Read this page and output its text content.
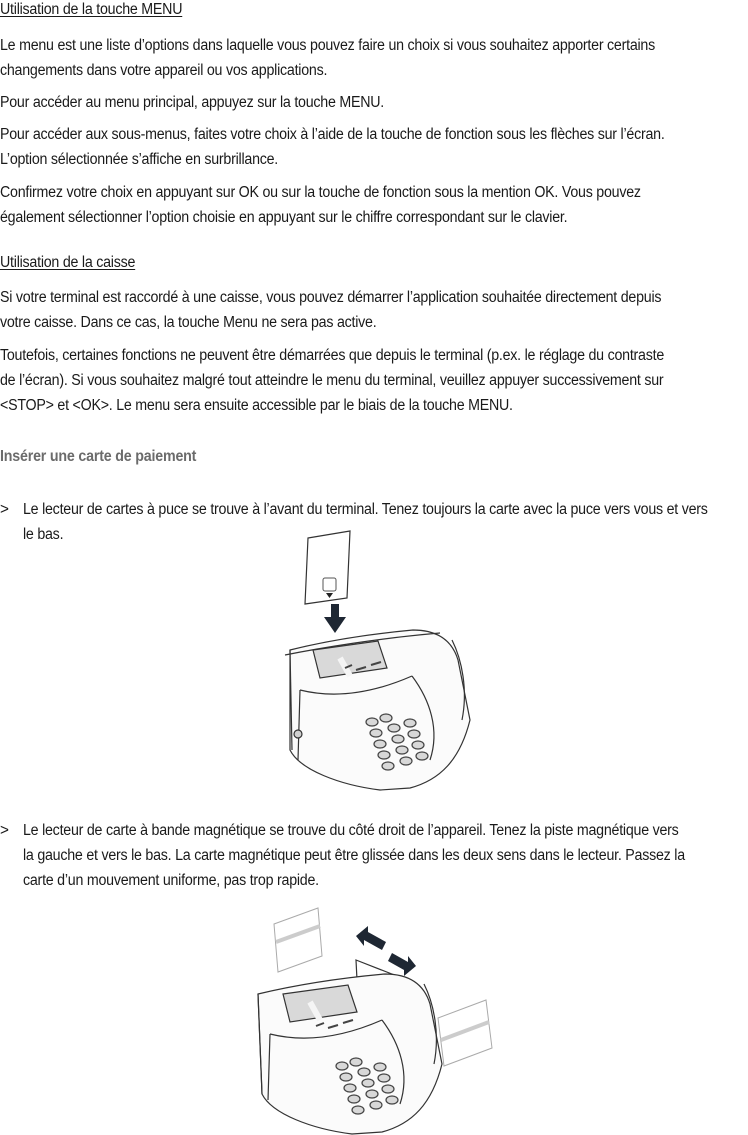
Utilisation de la touche MENU
Le menu est une liste d’options dans laquelle vous pouvez faire un choix si vous souhaitez apporter certains
changements dans votre appareil ou vos applications.
Pour accéder au menu principal, appuyez sur la touche MENU.
Pour accéder aux sous-menus, faites votre choix à l’aide de la touche de fonction sous les flèches sur l’écran.
L’option sélectionnée s’affiche en surbrillance.
Confirmez votre choix en appuyant sur OK ou sur la touche de fonction sous la mention OK. Vous pouvez
également sélectionner l’option choisie en appuyant sur le chiffre correspondant sur le clavier.
Utilisation de la caisse
Si votre terminal est raccordé à une caisse, vous pouvez démarrer l’application souhaitée directement depuis
votre caisse. Dans ce cas, la touche Menu ne sera pas active.
Toutefois, certaines fonctions ne peuvent être démarrées que depuis le terminal (p.ex. le réglage du contraste
de l’écran). Si vous souhaitez malgré tout atteindre le menu du terminal, veuillez appuyer successivement sur
<STOP> et <OK>. Le menu sera ensuite accessible par le biais de la touche MENU.
Insérer une carte de paiement
> Le lecteur de cartes à puce se trouve à l’avant du terminal. Tenez toujours la carte avec la puce vers vous et vers
le bas.
> Le lecteur de carte à bande magnétique se trouve du côté droit de l’appareil. Tenez la piste magnétique vers
la gauche et vers le bas. La carte magnétique peut être glissée dans les deux sens dans le lecteur. Passez la
carte d’un mouvement uniforme, pas trop rapide.
